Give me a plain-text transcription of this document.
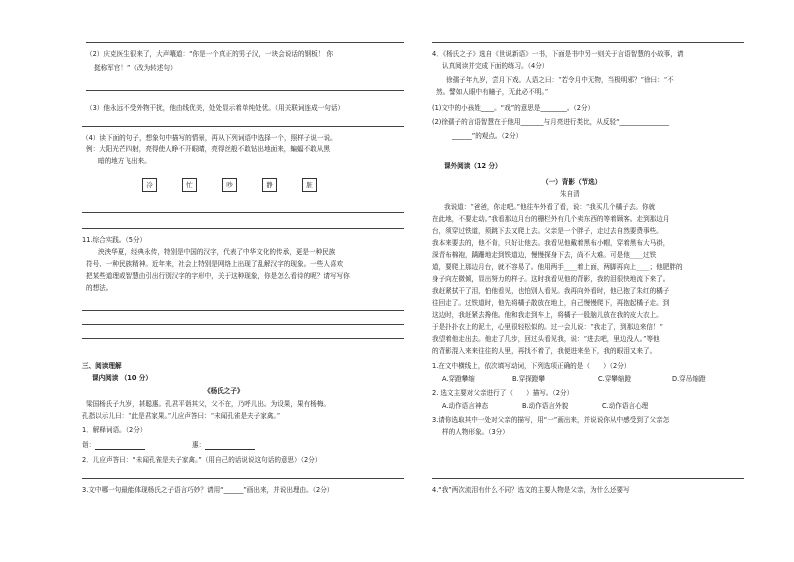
（2）庆克医生很来了，大声嚷道：“你是一个真正的男子汉，一块会说话的钢板！ 你
挺称军官！”（改为转述句）
（3）他永远不受外物干扰，他由线优美，处处显示着单纯处优。（用关联词连成一句话）
（4）读下面的句子，想象句中描写的情景，再从下列词语中选择一个，照样子说一说。
例：大阳光芒四射，亮得使人睁不开眼睛，亮得丝般不敢钻出地面来，蝙蝠不敢从黑
暗的地方飞出来。
冷	忙	吵	静	脏
11.综合实践。（5分）
泱泱华夏，经典永传，特别是中国的汉字，代表了中华文化的传承，更是一种民族
符号、一种民族精神。近年来，社会上特别是网络上出现了乱解汉字的现象。一些人喜欢
把某些道理或智慧由引出行别汉字的字形中，关于这种现象，你是怎么看待的呢？请写写你
的想法。
三、阅读理解
课内阅读 （10 分）
《杨氏之子》
梁国杨氏子九岁，甚聪惠。孔君平诣其父，父不在，乃呼儿出。为设果，果有杨梅。
孔指以示儿曰：“此是君家果。”儿应声答曰：“未闻孔雀是夫子家禽。”
1．解释词语。（2分）
诣：	惠：
2．儿应声答曰：“未闻孔雀是夫子家禽。”（用自己的话说说这句话的意思）（2分）
3.文中哪一句最能体现杨氏之子语言巧妙？请用“______”画出来，并说出理由。（2分）
4．《杨氏之子》选自《世说新语》一书，下面是书中另一则关于言语智慧的小故事，请
认真阅读并完成下面的练习。（4分）
徐孺子年九岁，尝月下戏。人语之曰：“若令月中无物，当极明邪？”徐曰：“不
然。譬如人眼中有瞳子，无此必不明。”
(1)文中的小孩姓____。“戏”的意思是________。（2分）
(2)徐孺子的言语智慧在于他用_______与月亮进行类比，从反驳“_______________
______”的观点。（2分）
课外阅读（12 分）
（一）背影（节选）
朱自清
我说道：“爸爸，你走吧。”他往车外看了看，说：“我买几个橘子去。你就
在此地，不要走动。”我看那边月台的栅栏外有几个卖东西的等着顾客。走到那边月
台，须穿过铁道，须跳下去又爬上去。父亲是一个胖子，走过去自然要费事些。
我本来要去的，他不肯，只好让他去。我看见他戴着黑布小帽，穿着黑布大马褂，
深青布棉袍，蹒跚地走到铁道边，慢慢探身下去，尚不大难。可是他____过铁
道，要爬上那边月台，就不容易了。他用两手____着上面，两脚再向上____；他肥胖的
身子向左微倾，显出努力的样子。这时我看见他的背影，我的泪很快地流下来了。
我赶紧拭干了泪，怕他看见，也怕别人看见。我再向外看时，他已抱了朱红的橘子
往回走了。过铁道时，他先将橘子散放在地上，自己慢慢爬下，再抱起橘子走。到
这边时，我赶紧去搀他。他和我走到车上，将橘子一股脑儿放在我的皮大衣上。
于是扑扑衣上的泥土，心里很轻松似的。过一会儿说：“我走了，到那边来信！”
我望着他走出去。他走了几步，回过头看见我，说：“进去吧，里边没人。”等他
的背影混入来来往往的人里，再找不着了，我便进来坐下，我的眼泪又来了。
1.在文中横线上，依次填写动词，下列选项正确的是（　　）（2分）
A.穿蹬攀缩	B.穿探蹬攀	C.穿攀缩蹬	D.穿吊缩蹬
2. 选文主要对父亲进行了（　　）描写。（2分）
A.动作语言神态	B.动作语言外貌	C.动作语言心理
3.请你选取其中一处对父亲的描写，用“一”画出来，并说说你从中感受到了父亲怎
样的人物形象。（3分）
4.“我”两次流泪有什么不同？选文的主要人物是父亲，为什么还要写
